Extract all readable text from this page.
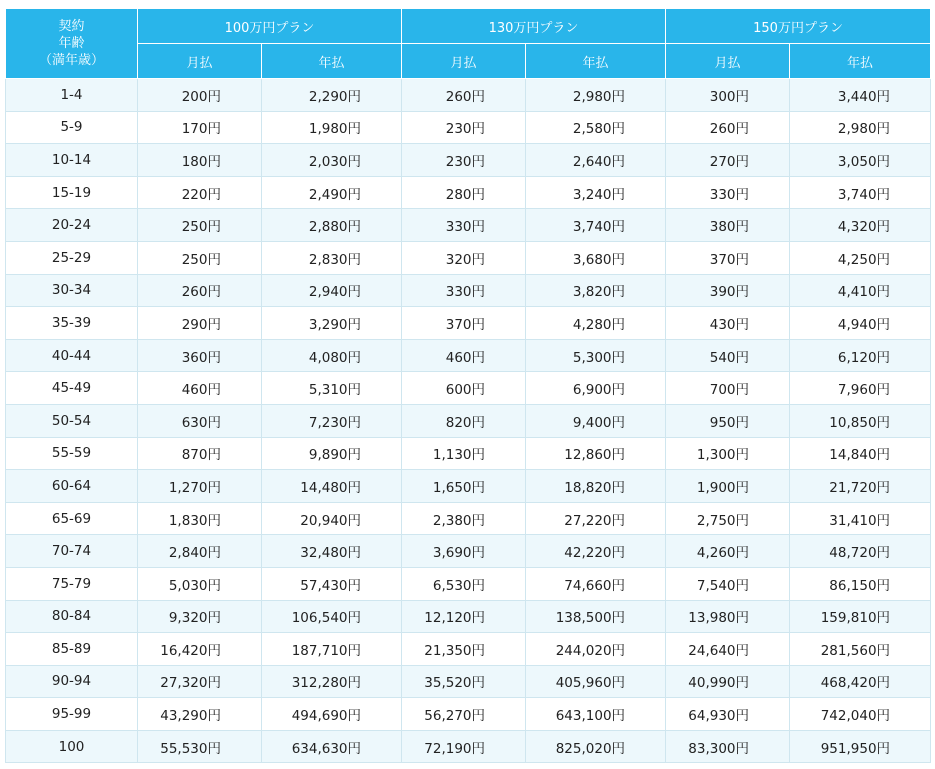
契約
年齢
（満年歳）	100万円プラン		130万円プラン		150万円プラン	
	月払	年払	月払	年払	月払	年払
1-4	200円	2,290円	260円	2,980円	300円	3,440円
5-9	170円	1,980円	230円	2,580円	260円	2,980円
10-14	180円	2,030円	230円	2,640円	270円	3,050円
15-19	220円	2,490円	280円	3,240円	330円	3,740円
20-24	250円	2,880円	330円	3,740円	380円	4,320円
25-29	250円	2,830円	320円	3,680円	370円	4,250円
30-34	260円	2,940円	330円	3,820円	390円	4,410円
35-39	290円	3,290円	370円	4,280円	430円	4,940円
40-44	360円	4,080円	460円	5,300円	540円	6,120円
45-49	460円	5,310円	600円	6,900円	700円	7,960円
50-54	630円	7,230円	820円	9,400円	950円	10,850円
55-59	870円	9,890円	1,130円	12,860円	1,300円	14,840円
60-64	1,270円	14,480円	1,650円	18,820円	1,900円	21,720円
65-69	1,830円	20,940円	2,380円	27,220円	2,750円	31,410円
70-74	2,840円	32,480円	3,690円	42,220円	4,260円	48,720円
75-79	5,030円	57,430円	6,530円	74,660円	7,540円	86,150円
80-84	9,320円	106,540円	12,120円	138,500円	13,980円	159,810円
85-89	16,420円	187,710円	21,350円	244,020円	24,640円	281,560円
90-94	27,320円	312,280円	35,520円	405,960円	40,990円	468,420円
95-99	43,290円	494,690円	56,270円	643,100円	64,930円	742,040円
100	55,530円	634,630円	72,190円	825,020円	83,300円	951,950円
